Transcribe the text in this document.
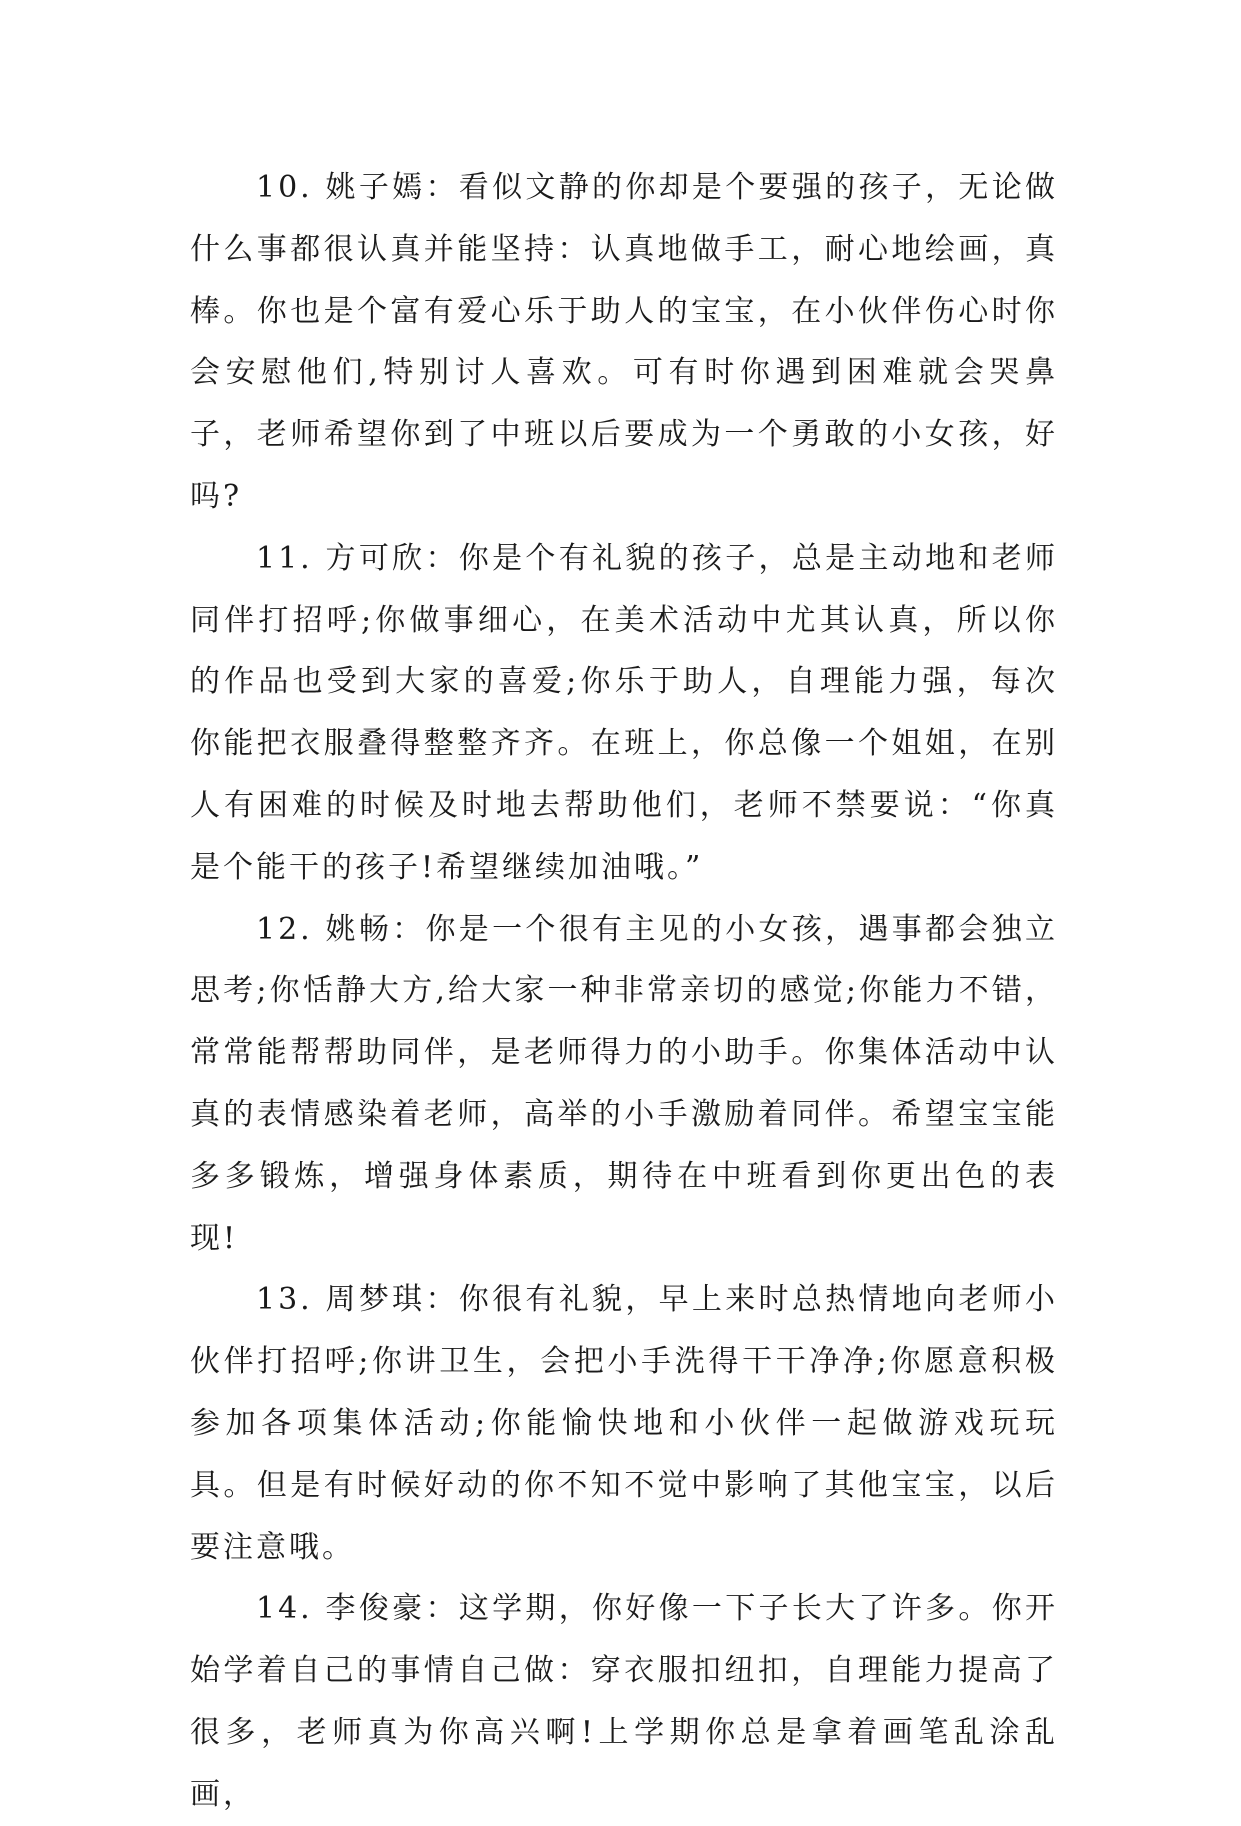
10. 姚子嫣：看似文静的你却是个要强的孩子，无论做什么事都很认真并能坚持：认真地做手工，耐心地绘画，真棒。你也是个富有爱心乐于助人的宝宝，在小伙伴伤心时你会安慰他们,特别讨人喜欢。可有时你遇到困难就会哭鼻子，老师希望你到了中班以后要成为一个勇敢的小女孩，好吗?

11. 方可欣：你是个有礼貌的孩子，总是主动地和老师同伴打招呼;你做事细心，在美术活动中尤其认真，所以你的作品也受到大家的喜爱;你乐于助人，自理能力强，每次你能把衣服叠得整整齐齐。在班上，你总像一个姐姐，在别人有困难的时候及时地去帮助他们，老师不禁要说：“你真是个能干的孩子!希望继续加油哦。”

12. 姚畅：你是一个很有主见的小女孩，遇事都会独立思考;你恬静大方,给大家一种非常亲切的感觉;你能力不错，常常能帮帮助同伴，是老师得力的小助手。你集体活动中认真的表情感染着老师，高举的小手激励着同伴。希望宝宝能多多锻炼，增强身体素质，期待在中班看到你更出色的表现!

13. 周梦琪：你很有礼貌，早上来时总热情地向老师小伙伴打招呼;你讲卫生，会把小手洗得干干净净;你愿意积极参加各项集体活动;你能愉快地和小伙伴一起做游戏玩玩具。但是有时候好动的你不知不觉中影响了其他宝宝，以后要注意哦。

14. 李俊豪：这学期，你好像一下子长大了许多。你开始学着自己的事情自己做：穿衣服扣纽扣，自理能力提高了很多，老师真为你高兴啊!上学期你总是拿着画笔乱涂乱画，
